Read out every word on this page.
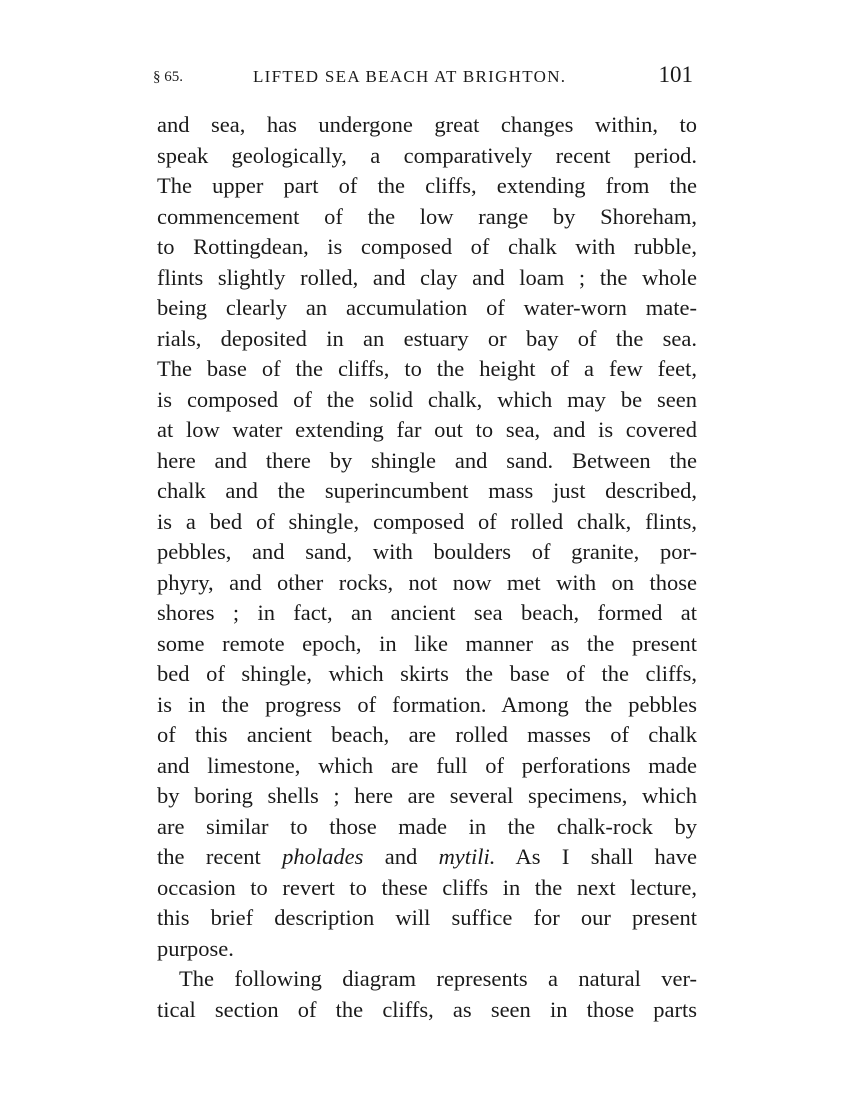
§ 65.	LIFTED SEA BEACH AT BRIGHTON.	101
and sea, has undergone great changes within, to
speak geologically, a comparatively recent period.
The upper part of the cliffs, extending from the
commencement of the low range by Shoreham,
to Rottingdean, is composed of chalk with rubble,
flints slightly rolled, and clay and loam ; the whole
being clearly an accumulation of water-worn mate-
rials, deposited in an estuary or bay of the sea.
The base of the cliffs, to the height of a few feet,
is composed of the solid chalk, which may be seen
at low water extending far out to sea, and is covered
here and there by shingle and sand. Between the
chalk and the superincumbent mass just described,
is a bed of shingle, composed of rolled chalk, flints,
pebbles, and sand, with boulders of granite, por-
phyry, and other rocks, not now met with on those
shores ; in fact, an ancient sea beach, formed at
some remote epoch, in like manner as the present
bed of shingle, which skirts the base of the cliffs,
is in the progress of formation. Among the pebbles
of this ancient beach, are rolled masses of chalk
and limestone, which are full of perforations made
by boring shells ; here are several specimens, which
are similar to those made in the chalk-rock by
the recent pholades and mytili. As I shall have
occasion to revert to these cliffs in the next lecture,
this brief description will suffice for our present
purpose.
The following diagram represents a natural ver-
tical section of the cliffs, as seen in those parts
